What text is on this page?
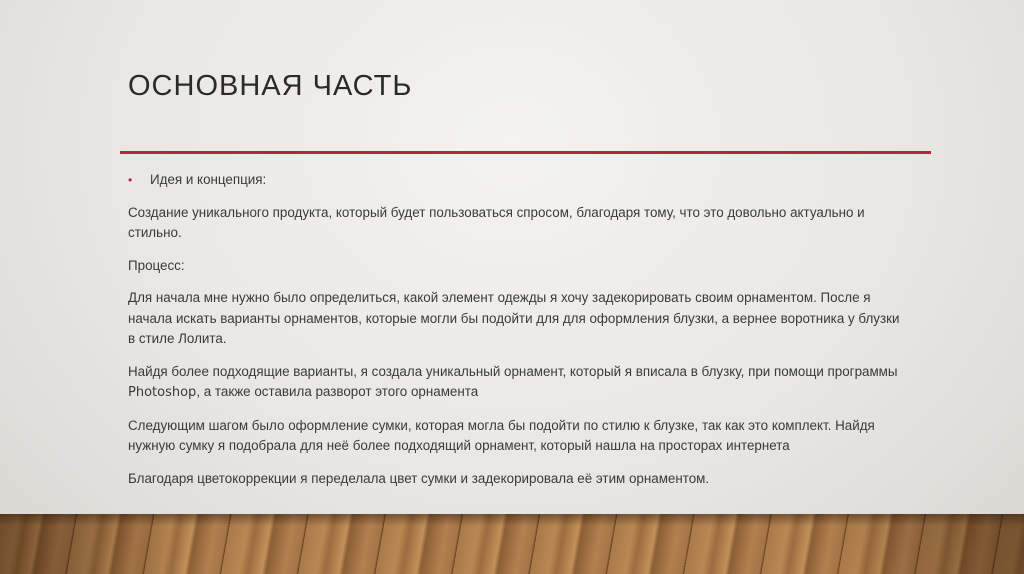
ОСНОВНАЯ ЧАСТЬ
• Идея и концепция:

Создание уникального продукта, который будет пользоваться спросом, благодаря тому, что это довольно актуально и стильно.

Процесс:

Для начала мне нужно было определиться, какой элемент одежды я хочу задекорировать своим орнаментом. После я начала искать варианты орнаментов, которые могли бы подойти для для оформления блузки, а вернее воротника у блузки в стиле Лолита.

Найдя более подходящие варианты, я создала уникальный орнамент, который я вписала в блузку, при помощи программы Photoshop, а также оставила разворот этого орнамента

Следующим шагом было оформление сумки, которая могла бы подойти по стилю к блузке, так как это комплект. Найдя нужную сумку я подобрала для неё более подходящий орнамент, который нашла на просторах интернета

Благодаря цветокоррекции я переделала цвет сумки и задекорировала её этим орнаментом.
